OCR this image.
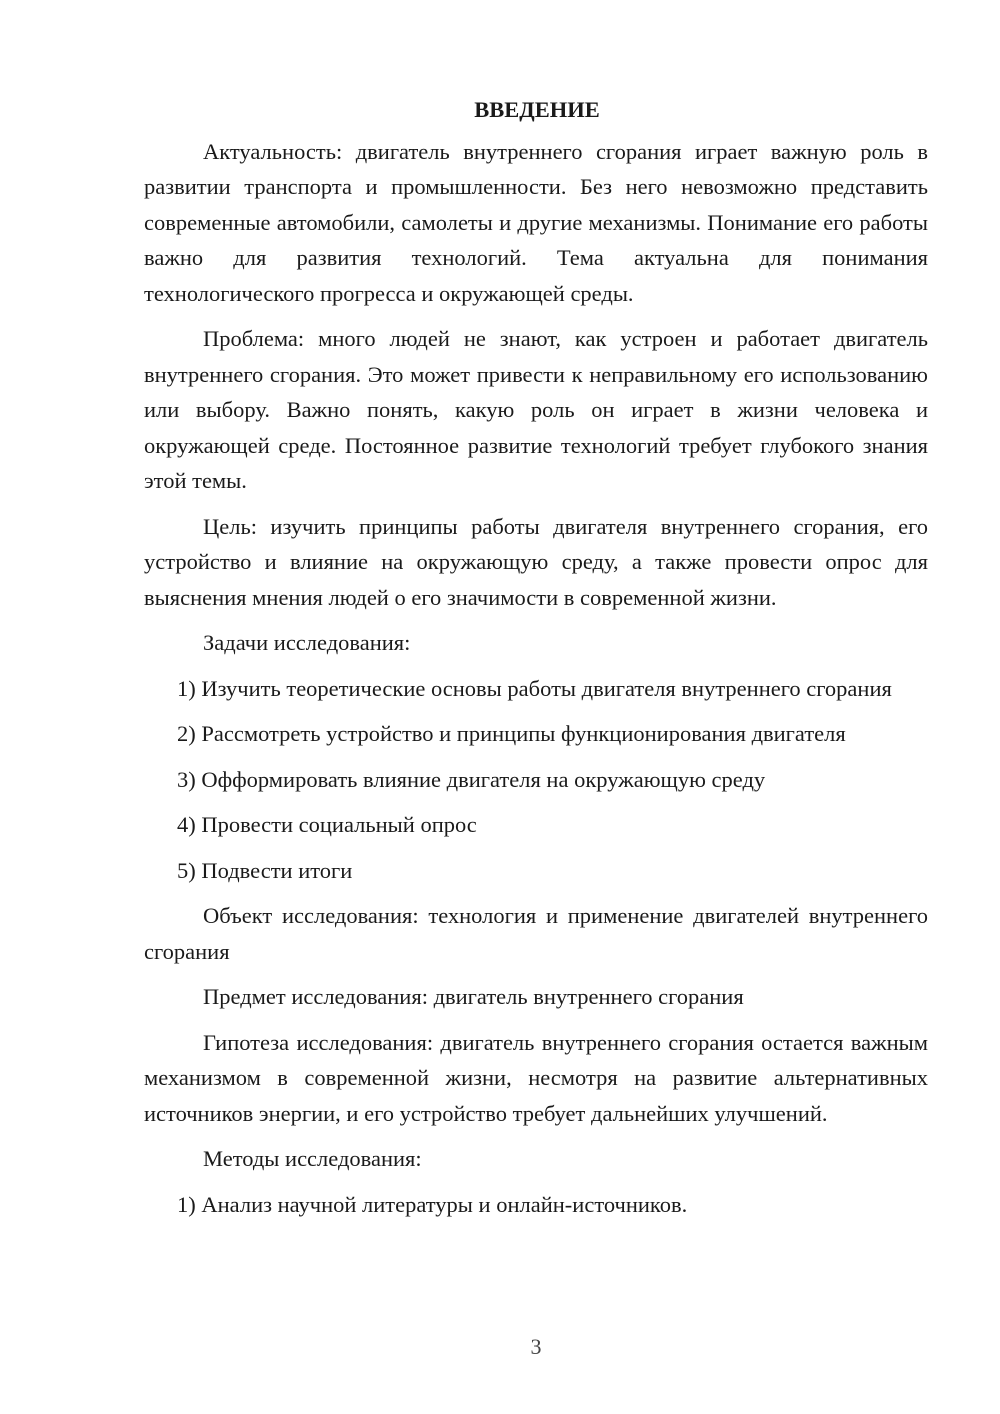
ВВЕДЕНИЕ
Актуальность: двигатель внутреннего сгорания играет важную роль в развитии транспорта и промышленности. Без него невозможно представить современные автомобили, самолеты и другие механизмы. Понимание его работы важно для развития технологий. Тема актуальна для понимания технологического прогресса и окружающей среды.
Проблема: много людей не знают, как устроен и работает двигатель внутреннего сгорания. Это может привести к неправильному его использованию или выбору. Важно понять, какую роль он играет в жизни человека и окружающей среде. Постоянное развитие технологий требует глубокого знания этой темы.
Цель: изучить принципы работы двигателя внутреннего сгорания, его устройство и влияние на окружающую среду, а также провести опрос для выяснения мнения людей о его значимости в современной жизни.
Задачи исследования:
1) Изучить теоретические основы работы двигателя внутреннего сгорания
2) Рассмотреть устройство и принципы функционирования двигателя
3) Офформировать влияние двигателя на окружающую среду
4) Провести социальный опрос
5) Подвести итоги
Объект исследования: технология и применение двигателей внутреннего сгорания
Предмет исследования: двигатель внутреннего сгорания
Гипотеза исследования: двигатель внутреннего сгорания остается важным механизмом в современной жизни, несмотря на развитие альтернативных источников энергии, и его устройство требует дальнейших улучшений.
Методы исследования:
1) Анализ научной литературы и онлайн-источников.
3
